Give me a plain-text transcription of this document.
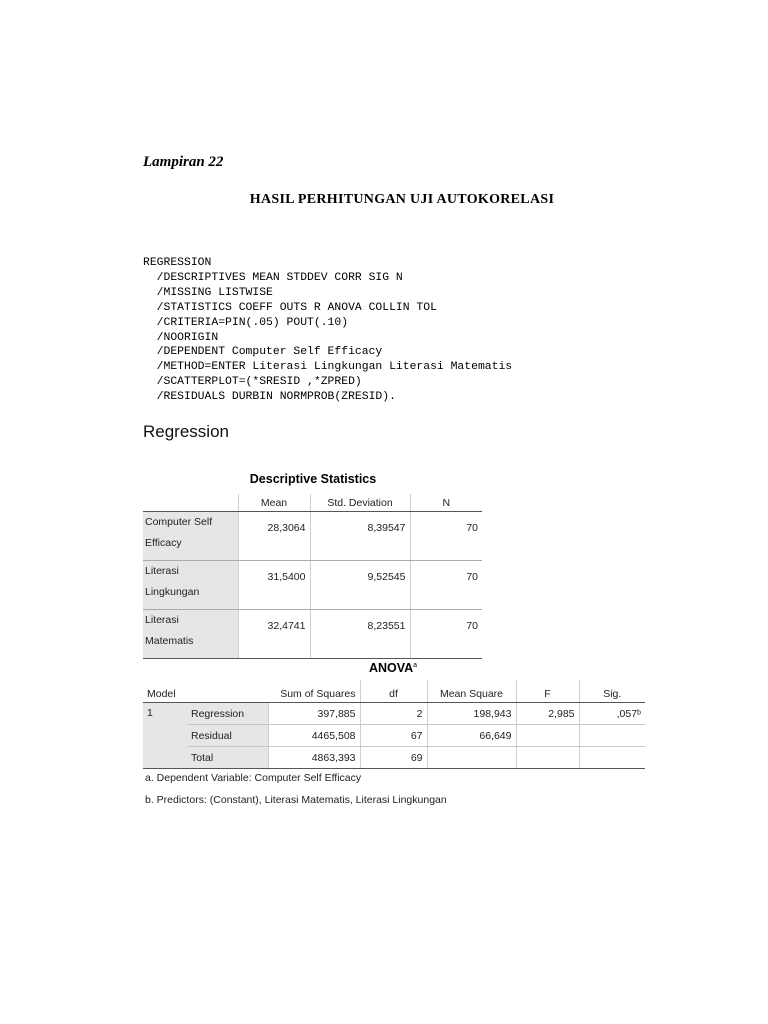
Lampiran 22
HASIL PERHITUNGAN UJI AUTOKORELASI
REGRESSION
/DESCRIPTIVES MEAN STDDEV CORR SIG N
/MISSING LISTWISE
/STATISTICS COEFF OUTS R ANOVA COLLIN TOL
/CRITERIA=PIN(.05) POUT(.10)
/NOORIGIN
/DEPENDENT Computer Self Efficacy
/METHOD=ENTER Literasi Lingkungan Literasi Matematis
/SCATTERPLOT=(*SRESID ,*ZPRED)
/RESIDUALS DURBIN NORMPROB(ZRESID).
Regression
Descriptive Statistics
	Mean	Std. Deviation	N
Computer Self
Efficacy	28,3064	8,39547	70
Literasi
Lingkungan	31,5400	9,52545	70
Literasi
Matematis	32,4741	8,23551	70
ANOVA$^a$
Model		Sum of Squares	df	Mean Square	F	Sig.
1	Regression	397,885	2	198,943	2,985	,057ᵇ
	Residual	4465,508	67	66,649		
	Total	4863,393	69			
a. Dependent Variable: Computer Self Efficacy
b. Predictors: (Constant), Literasi Matematis, Literasi Lingkungan
